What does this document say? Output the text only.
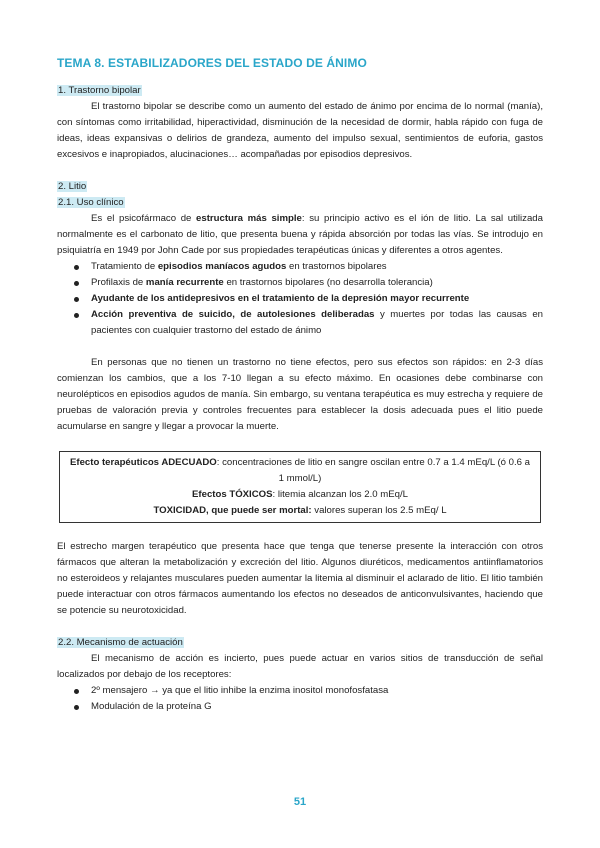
TEMA 8. ESTABILIZADORES DEL ESTADO DE ÁNIMO
1. Trastorno bipolar

El trastorno bipolar se describe como un aumento del estado de ánimo por encima de lo normal (manía), con síntomas como irritabilidad, hiperactividad, disminución de la necesidad de dormir, habla rápido con fuga de ideas, ideas expansivas o delirios de grandeza, aumento del impulso sexual, sentimientos de euforia, gastos excesivos e inapropiados, alucinaciones… acompañadas por episodios depresivos.

2. Litio
2.1. Uso clínico

Es el psicofármaco de estructura más simple: su principio activo es el ión de litio. La sal utilizada normalmente es el carbonato de litio, que presenta buena y rápida absorción por todas las vías. Se introdujo en psiquiatría en 1949 por John Cade por sus propiedades terapéuticas únicas y diferentes a otros agentes.

Tratamiento de episodios maníacos agudos en trastornos bipolares
Profilaxis de manía recurrente en trastornos bipolares (no desarrolla tolerancia)
Ayudante de los antidepresivos en el tratamiento de la depresión mayor recurrente
Acción preventiva de suicido, de autolesiones deliberadas y muertes por todas las causas en pacientes con cualquier trastorno del estado de ánimo

En personas que no tienen un trastorno no tiene efectos, pero sus efectos son rápidos: en 2-3 días comienzan los cambios, que a los 7-10 llegan a su efecto máximo. En ocasiones debe combinarse con neurolépticos en episodios agudos de manía. Sin embargo, su ventana terapéutica es muy estrecha y requiere de pruebas de valoración previa y controles frecuentes para establecer la dosis adecuada pues el litio puede acumularse en sangre y llegar a provocar la muerte.

Efecto terapéuticos ADECUADO: concentraciones de litio en sangre oscilan entre 0.7 a 1.4 mEq/L (ó 0.6 a 1 mmol/L)

Efectos TÓXICOS: litemia alcanzan los 2.0 mEq/L

TOXICIDAD, que puede ser mortal: valores superan los 2.5 mEq/ L

El estrecho margen terapéutico que presenta hace que tenga que tenerse presente la interacción con otros fármacos que alteran la metabolización y excreción del litio. Algunos diuréticos, medicamentos antiinflamatorios no esteroideos y relajantes musculares pueden aumentar la litemia al disminuir el aclarado de litio. El litio también puede interactuar con otros fármacos aumentando los efectos no deseados de anticonvulsivantes, haciendo que se potencie su neurotoxicidad.

2.2. Mecanismo de actuación

El mecanismo de acción es incierto, pues puede actuar en varios sitios de transducción de señal localizados por debajo de los receptores:

2º mensajero → ya que el litio inhibe la enzima inositol monofosfatasa
Modulación de la proteína G
51
